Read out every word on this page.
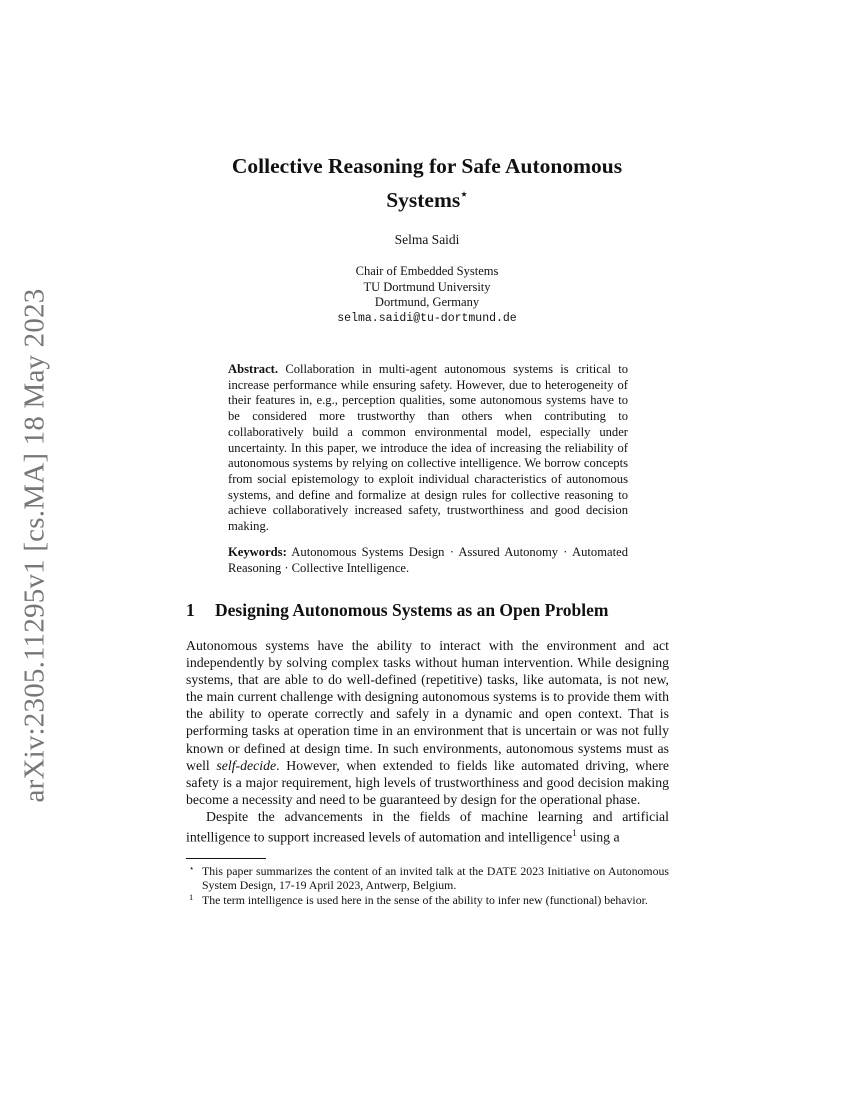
arXiv:2305.11295v1 [cs.MA] 18 May 2023
Collective Reasoning for Safe Autonomous
Systems⋆
Selma Saidi
Chair of Embedded Systems
TU Dortmund University
Dortmund, Germany
selma.saidi@tu-dortmund.de
Abstract. Collaboration in multi-agent autonomous systems is critical to increase performance while ensuring safety. However, due to heterogeneity of their features in, e.g., perception qualities, some autonomous systems have to be considered more trustworthy than others when contributing to collaboratively build a common environmental model, especially under uncertainty. In this paper, we introduce the idea of increasing the reliability of autonomous systems by relying on collective intelligence. We borrow concepts from social epistemology to exploit individual characteristics of autonomous systems, and define and formalize at design rules for collective reasoning to achieve collaboratively increased safety, trustworthiness and good decision making.
Keywords: Autonomous Systems Design · Assured Autonomy · Automated Reasoning · Collective Intelligence.
1 Designing Autonomous Systems as an Open Problem

Autonomous systems have the ability to interact with the environment and act independently by solving complex tasks without human intervention. While designing systems, that are able to do well-defined (repetitive) tasks, like automata, is not new, the main current challenge with designing autonomous systems is to provide them with the ability to operate correctly and safely in a dynamic and open context. That is performing tasks at operation time in an environment that is uncertain or was not fully known or defined at design time. In such environments, autonomous systems must as well self-decide. However, when extended to fields like automated driving, where safety is a major requirement, high levels of trustworthiness and good decision making become a necessity and need to be guaranteed by design for the operational phase.

Despite the advancements in the fields of machine learning and artificial intelligence to support increased levels of automation and intelligence$^1$ using a

⋆ This paper summarizes the content of an invited talk at the DATE 2023 Initiative on Autonomous System Design, 17-19 April 2023, Antwerp, Belgium.
1 The term intelligence is used here in the sense of the ability to infer new (functional) behavior.
